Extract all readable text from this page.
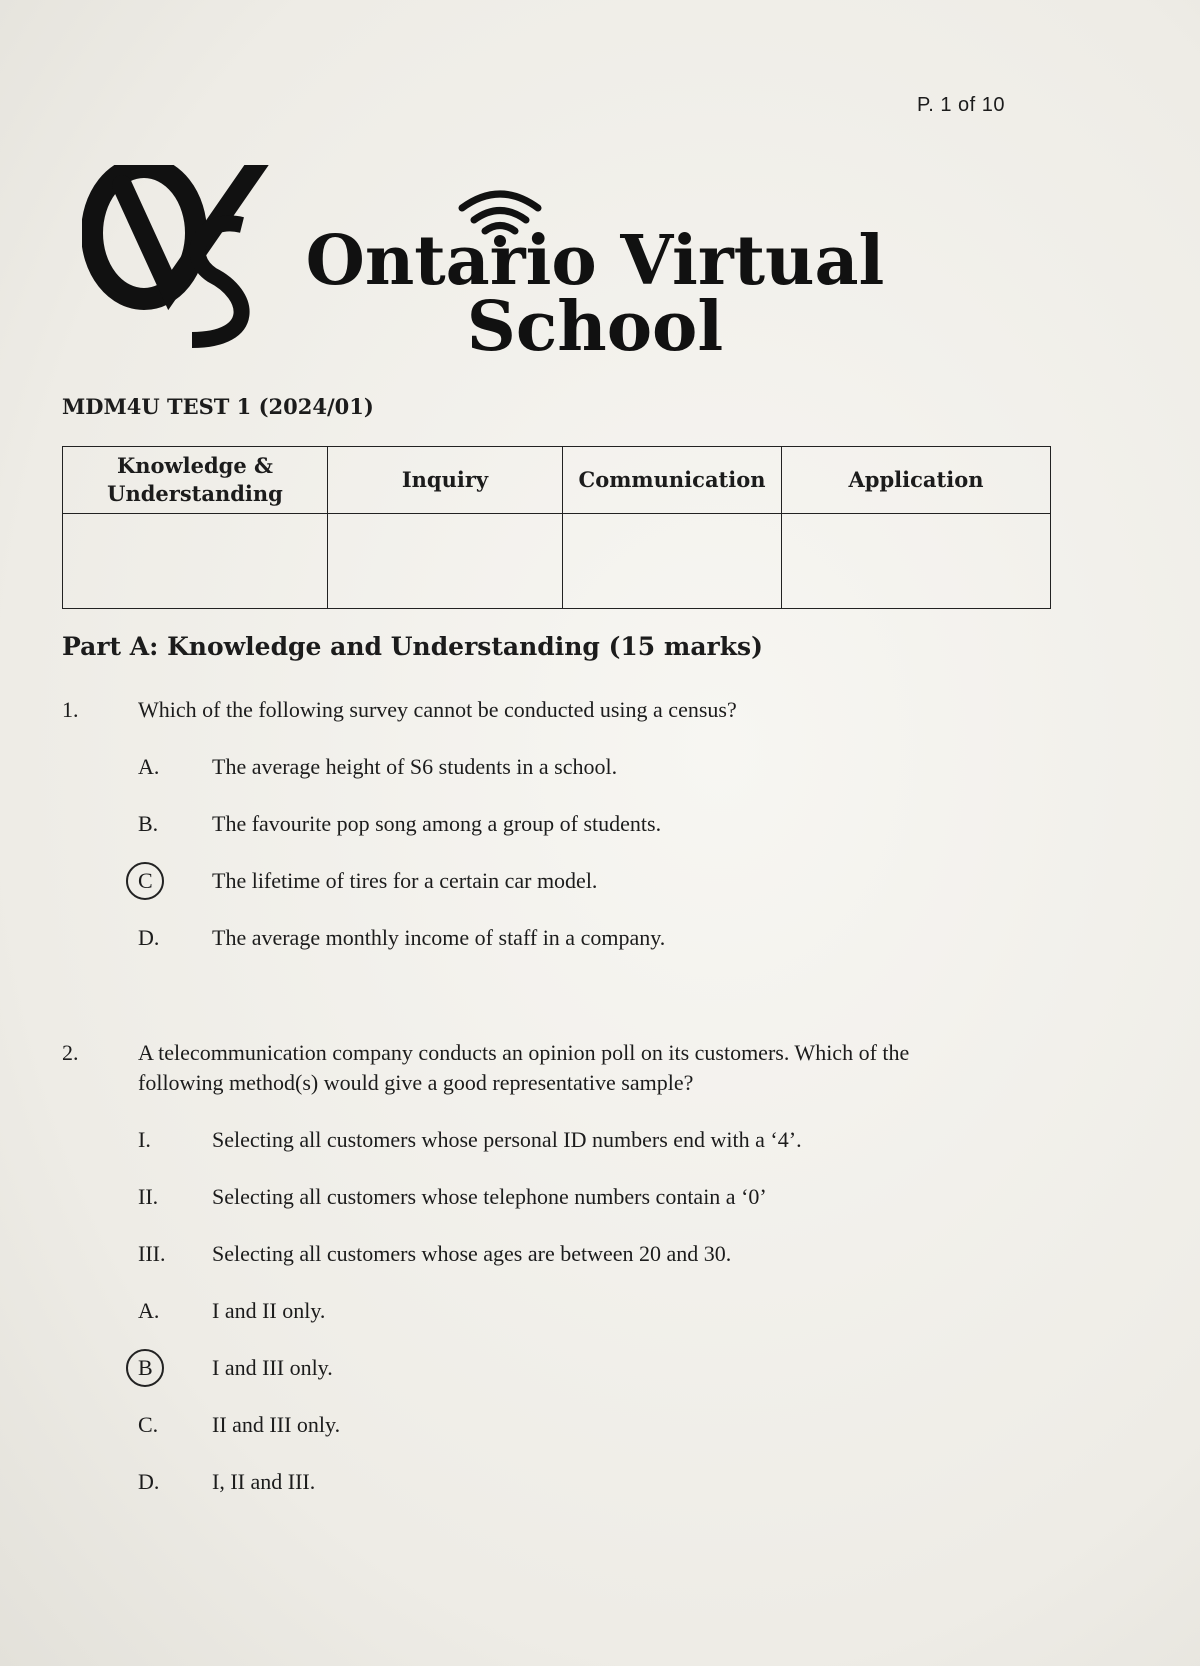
P. 1 of 10
Ontario Virtual
School
MDM4U TEST 1 (2024/01)
Knowledge & Understanding	Inquiry	Communication	Application

Part A: Knowledge and Understanding (15 marks)
1.	Which of the following survey cannot be conducted using a census?
A.	The average height of S6 students in a school.
B.	The favourite pop song among a group of students.
C	The lifetime of tires for a certain car model.
D.	The average monthly income of staff in a company.
2.	A telecommunication company conducts an opinion poll on its customers. Which of the following method(s) would give a good representative sample?
I.	Selecting all customers whose personal ID numbers end with a ‘4’.
II.	Selecting all customers whose telephone numbers contain a ‘0’
III.	Selecting all customers whose ages are between 20 and 30.
A.	I and II only.
B	I and III only.
C.	II and III only.
D.	I, II and III.
